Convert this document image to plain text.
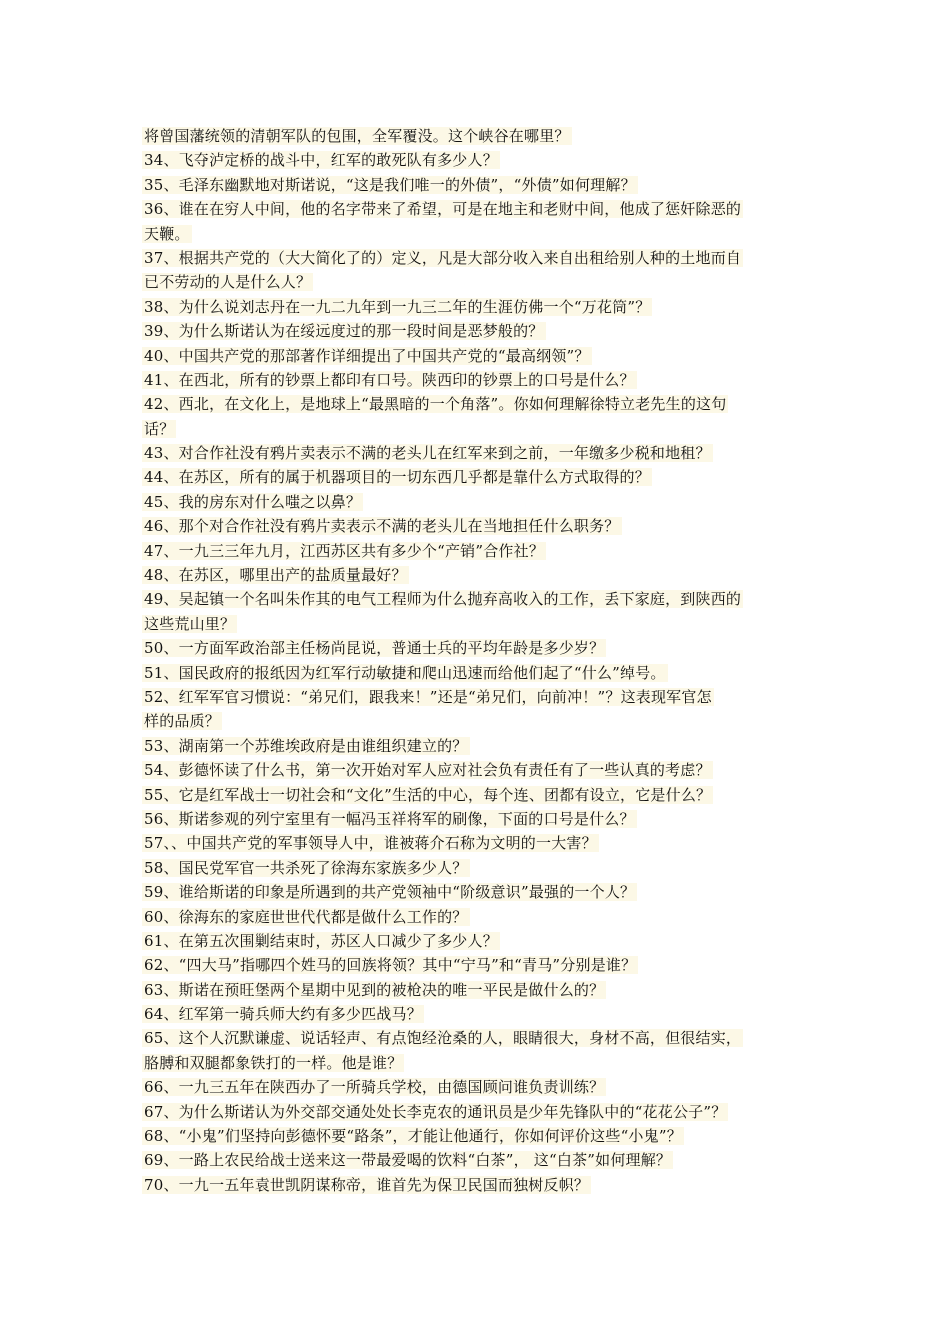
将曾国藩统领的清朝军队的包围，全军覆没。这个峡谷在哪里？
34、飞夺泸定桥的战斗中，红军的敢死队有多少人？
35、毛泽东幽默地对斯诺说，“这是我们唯一的外债”，“外债”如何理解？
36、谁在在穷人中间，他的名字带来了希望，可是在地主和老财中间，他成了惩奸除恶的
天鞭。
37、根据共产党的（大大简化了的）定义，凡是大部分收入来自出租给别人种的土地而自
已不劳动的人是什么人？
38、为什么说刘志丹在一九二九年到一九三二年的生涯仿佛一个“万花筒”？
39、为什么斯诺认为在绥远度过的那一段时间是恶梦般的？
40、中国共产党的那部著作详细提出了中国共产党的“最高纲领”？
41、在西北，所有的钞票上都印有口号。陕西印的钞票上的口号是什么？
42、西北，在文化上，是地球上“最黑暗的一个角落”。你如何理解徐特立老先生的这句
话？
43、对合作社没有鸦片卖表示不满的老头儿在红军来到之前，一年缴多少税和地租？
44、在苏区，所有的属于机器项目的一切东西几乎都是靠什么方式取得的？
45、我的房东对什么嗤之以鼻？
46、那个对合作社没有鸦片卖表示不满的老头儿在当地担任什么职务？
47、一九三三年九月，江西苏区共有多少个“产销”合作社？
48、在苏区，哪里出产的盐质量最好？
49、吴起镇一个名叫朱作其的电气工程师为什么抛弃高收入的工作，丢下家庭，到陕西的
这些荒山里？
50、一方面军政治部主任杨尚昆说，普通士兵的平均年龄是多少岁？
51、国民政府的报纸因为红军行动敏捷和爬山迅速而给他们起了“什么”绰号。
52、红军军官习惯说：“弟兄们，跟我来！”还是“弟兄们，向前冲！”？这表现军官怎
样的品质？
53、湖南第一个苏维埃政府是由谁组织建立的？
54、彭德怀读了什么书，第一次开始对军人应对社会负有责任有了一些认真的考虑？
55、它是红军战士一切社会和“文化”生活的中心，每个连、团都有设立，它是什么？
56、斯诺参观的列宁室里有一幅冯玉祥将军的刷像，下面的口号是什么？
57、、中国共产党的军事领导人中，谁被蒋介石称为文明的一大害？
58、国民党军官一共杀死了徐海东家族多少人？
59、谁给斯诺的印象是所遇到的共产党领袖中“阶级意识”最强的一个人？
60、徐海东的家庭世世代代都是做什么工作的？
61、在第五次围剿结束时，苏区人口减少了多少人？
62、“四大马”指哪四个姓马的回族将领？其中“宁马”和“青马”分别是谁？
63、斯诺在预旺堡两个星期中见到的被枪决的唯一平民是做什么的？
64、红军第一骑兵师大约有多少匹战马？
65、这个人沉默谦虚、说话轻声、有点饱经沧桑的人，眼睛很大，身材不高，但很结实，
胳膊和双腿都象铁打的一样。他是谁？
66、一九三五年在陕西办了一所骑兵学校，由德国顾问谁负责训练？
67、为什么斯诺认为外交部交通处处长李克农的通讯员是少年先锋队中的“花花公子”？
68、“小鬼”们坚持向彭德怀要“路条”，才能让他通行，你如何评价这些“小鬼”？
69、一路上农民给战士送来这一带最爱喝的饮料“白茶”， 这“白茶”如何理解？
70、一九一五年袁世凯阴谋称帝，谁首先为保卫民国而独树反帜？
